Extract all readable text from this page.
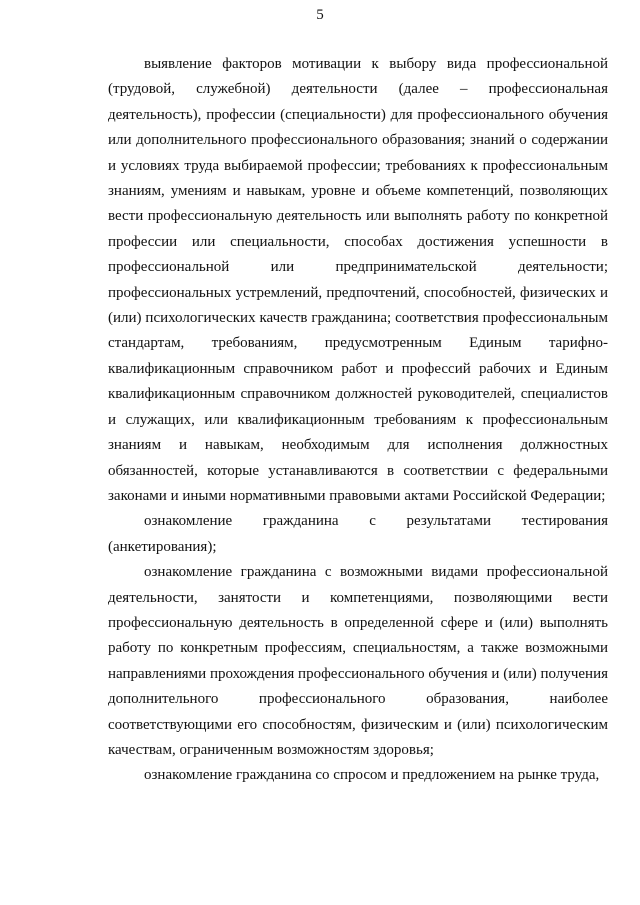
5

выявление факторов мотивации к выбору вида профессиональной (трудовой, служебной) деятельности (далее – профессиональная деятельность), профессии (специальности) для профессионального обучения или дополнительного профессионального образования; знаний о содержании и условиях труда выбираемой профессии; требованиях к профессиональным знаниям, умениям и навыкам, уровне и объеме компетенций, позволяющих вести профессиональную деятельность или выполнять работу по конкретной профессии или специальности, способах достижения успешности в профессиональной или предпринимательской деятельности; профессиональных устремлений, предпочтений, способностей, физических и (или) психологических качеств гражданина; соответствия профессиональным стандартам, требованиям, предусмотренным Единым тарифно-квалификационным справочником работ и профессий рабочих и Единым квалификационным справочником должностей руководителей, специалистов и служащих, или квалификационным требованиям к профессиональным знаниям и навыкам, необходимым для исполнения должностных обязанностей, которые устанавливаются в соответствии с федеральными законами и иными нормативными правовыми актами Российской Федерации;

ознакомление гражданина с результатами тестирования (анкетирования);

ознакомление гражданина с возможными видами профессиональной деятельности, занятости и компетенциями, позволяющими вести профессиональную деятельность в определенной сфере и (или) выполнять работу по конкретным профессиям, специальностям, а также возможными направлениями прохождения профессионального обучения и (или) получения дополнительного профессионального образования, наиболее соответствующими его способностям, физическим и (или) психологическим качествам, ограниченным возможностям здоровья;

ознакомление гражданина со спросом и предложением на рынке труда,
